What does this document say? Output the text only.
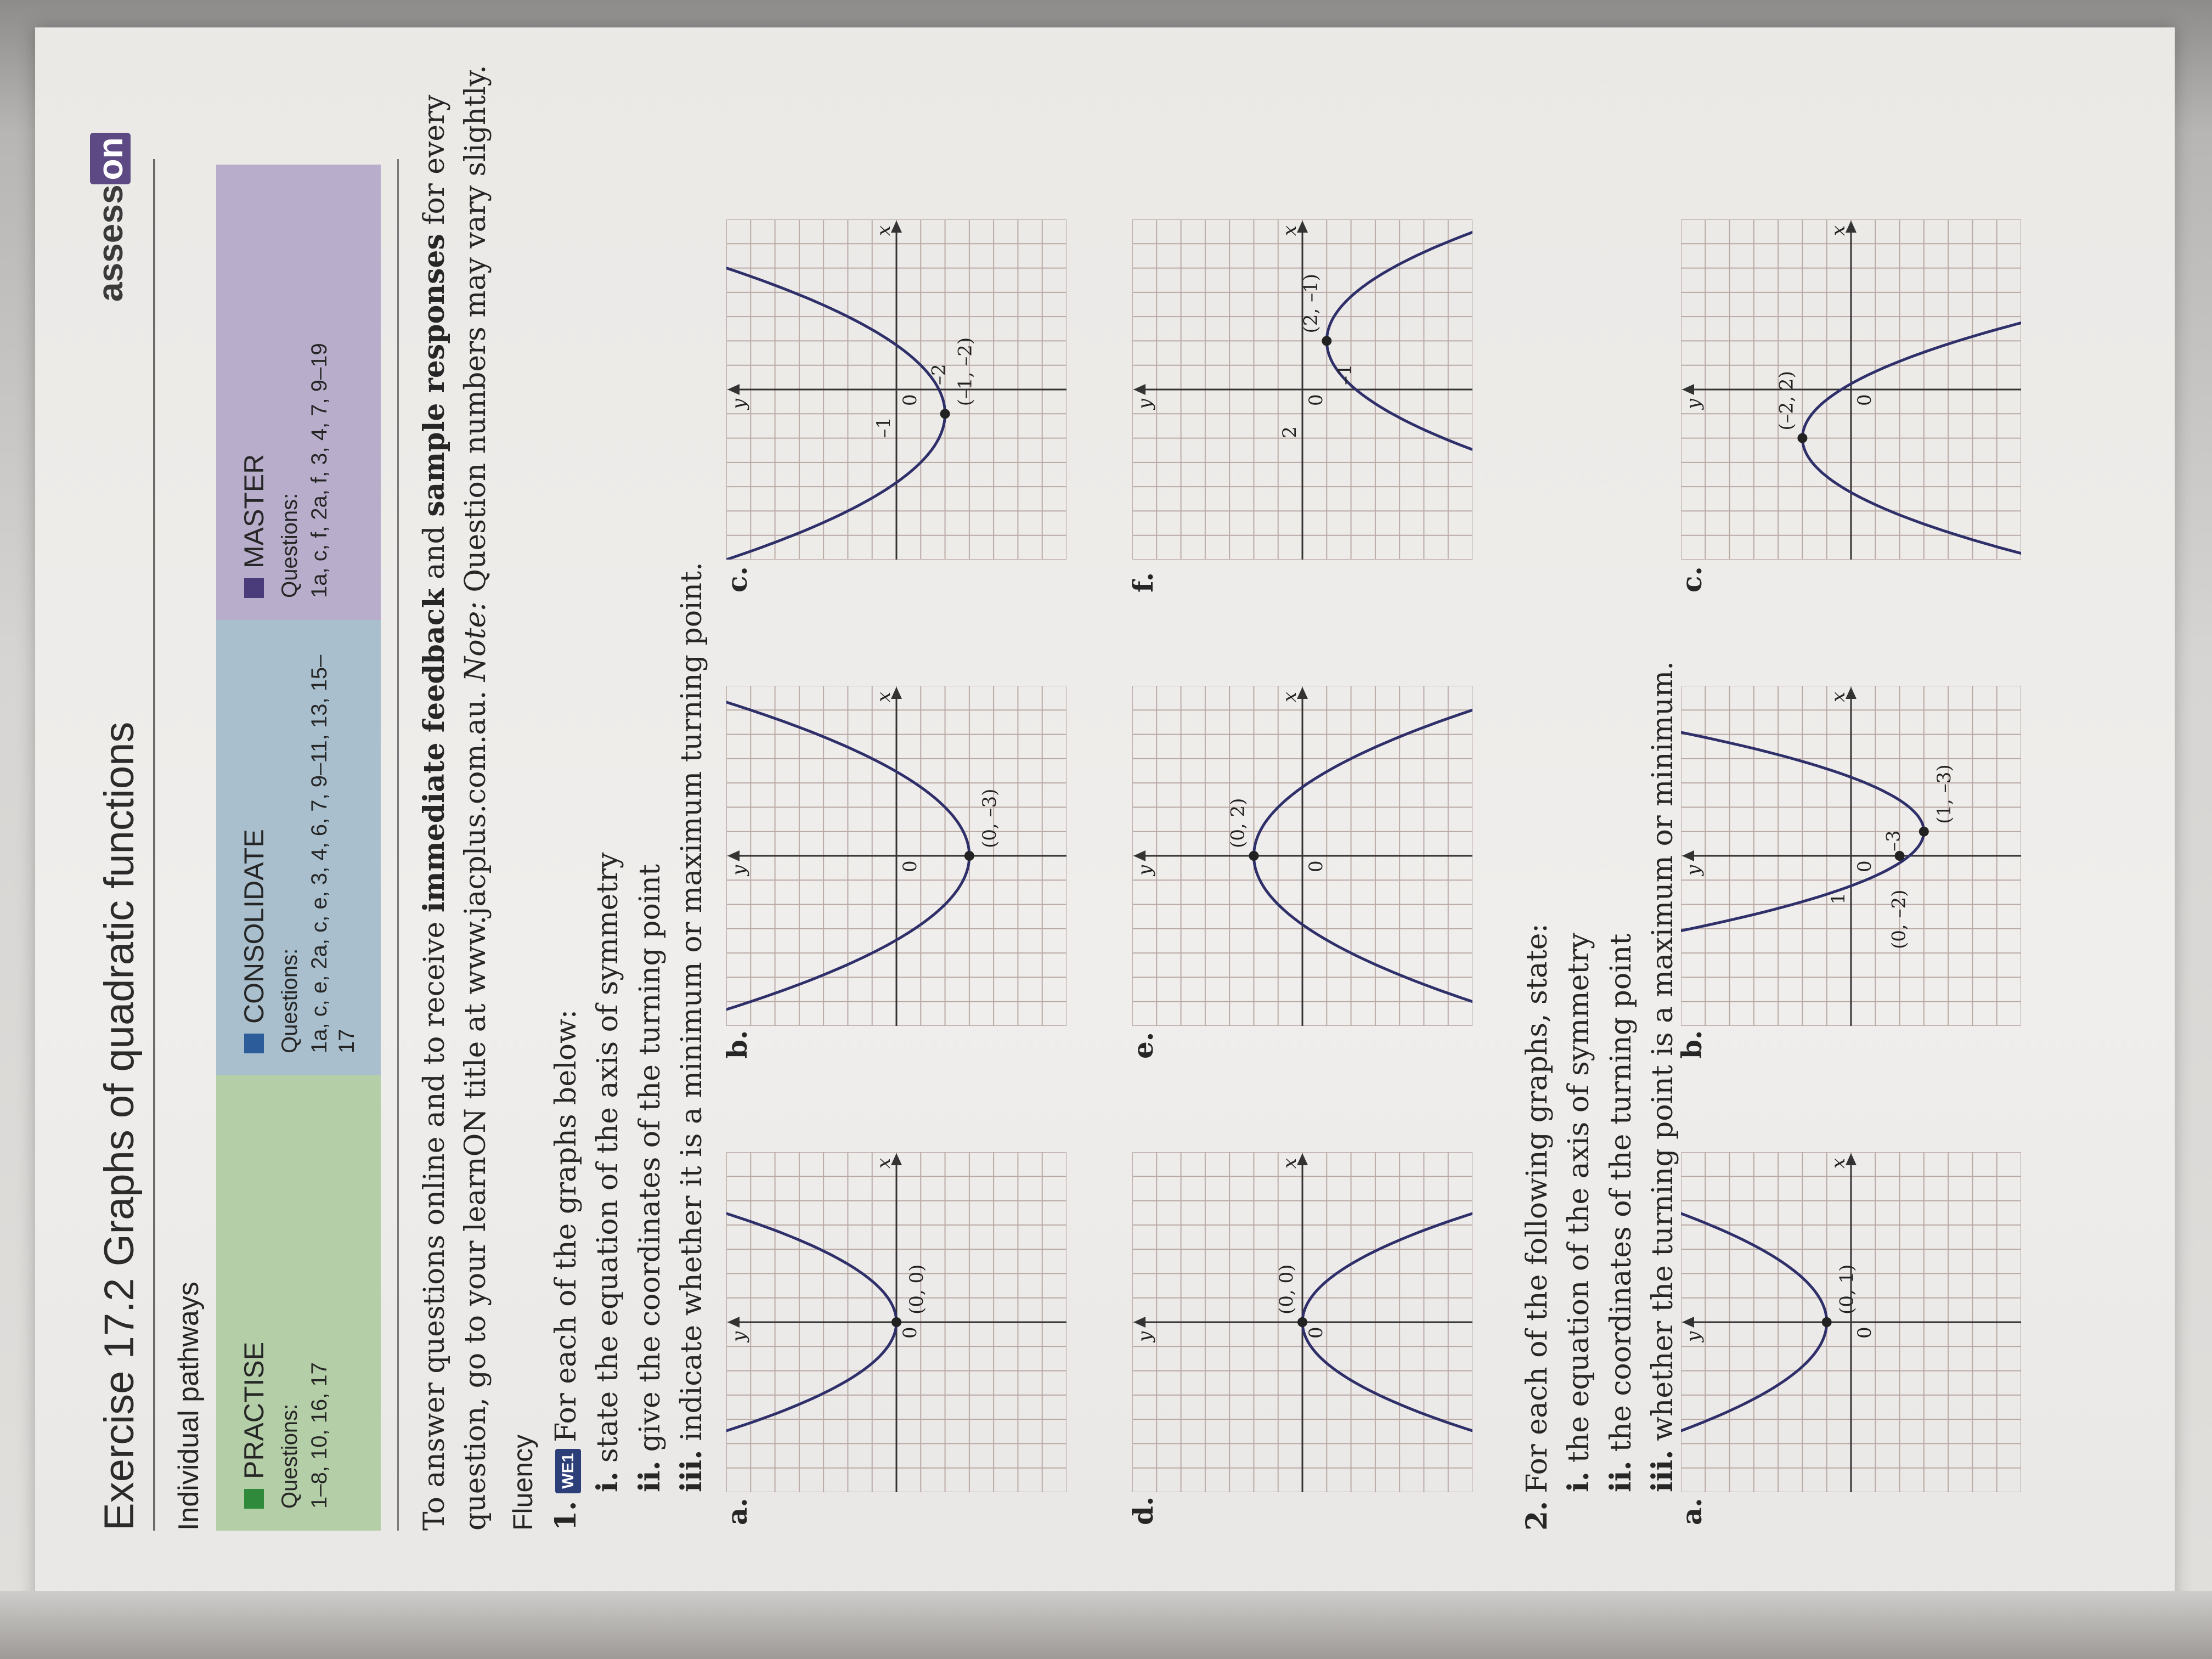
Exercise 17.2 Graphs of quadratic functions
assesson
Individual pathways PRACTISE Questions: 1–8, 10, 16, 17
CONSOLIDATE Questions: 1a, c, e, 2a, c, e, 3, 4, 6, 7, 9–11, 13, 15–17
MASTER Questions: 1a, c, f, 2a, f, 3, 4, 7, 9–19
To answer questions online and to receive immediate feedback and sample responses for every question, go to your learnON title at www.jacplus.com.au. Note: Question numbers may vary slightly.
Fluency 1.WE1For each of the graphs below:
i.state the equation of the axis of symmetry
ii.give the coordinates of the turning point
iii.indicate whether it is a minimum or maximum turning point.
2.For each of the following graphs, state: i.the equation of the axis of symmetry
ii.the coordinates of the turning point
iii.whether the turning point is a maximum or minimum.
a.
x
y	0
(0, 0)
b.
x
y	0
(0, –3)
c.
x
y	0 (–1, –2)
–1
–2
d.
x
y	0
(0, 0)
e.
x
y	0
(0, 2)
f.
x
y	0
(2, –1)
2
–1
a.
x
y	0
(0, 1)
b.
x
y	0
(1, –3)
(0, –2)
1
–3
c.
x
y	0
(–2, 2)
